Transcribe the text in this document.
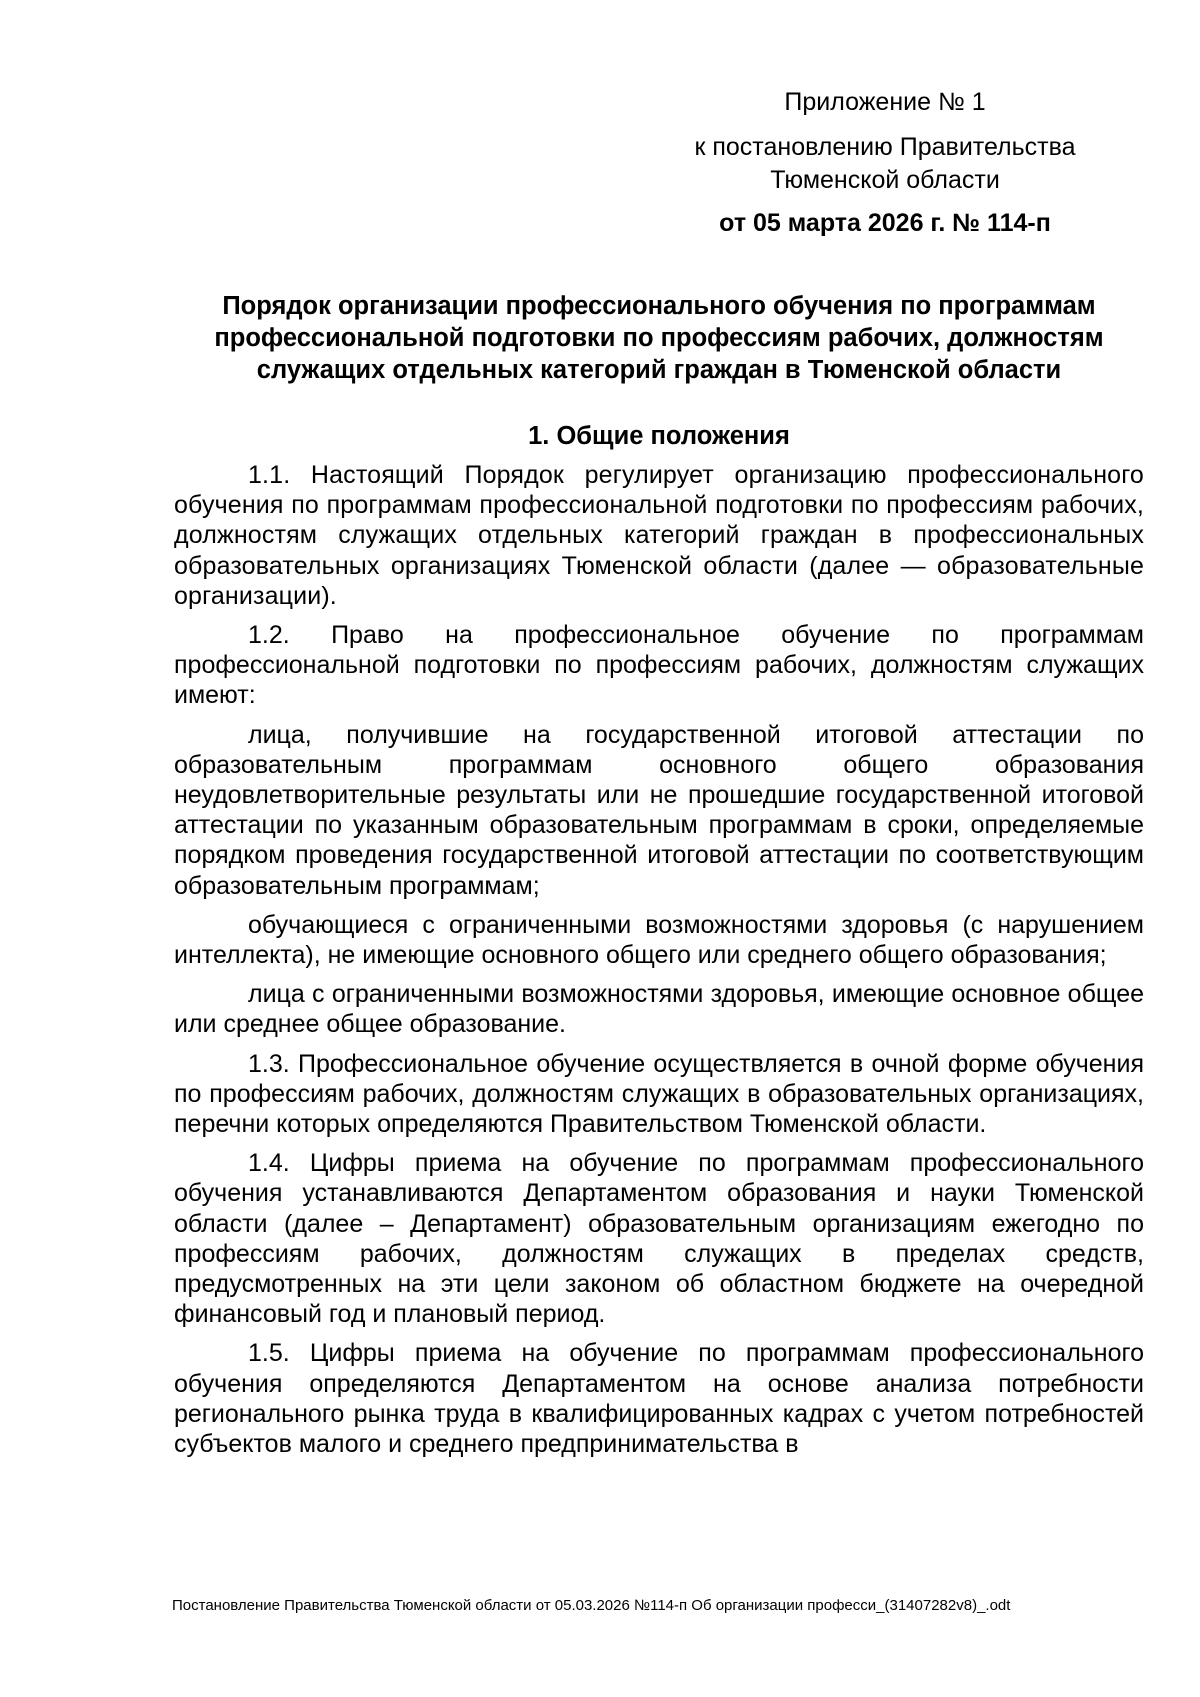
Приложение № 1
к постановлению Правительства
Тюменской области
от 05 марта 2026 г. № 114-п
Порядок организации профессионального обучения по программам профессиональной подготовки по профессиям рабочих, должностям служащих отдельных категорий граждан в Тюменской области
1. Общие положения

1.1. Настоящий Порядок регулирует организацию профессионального обучения по программам профессиональной подготовки по профессиям рабочих, должностям служащих отдельных категорий граждан в профессиональных образовательных организациях Тюменской области (далее — образовательные организации).

1.2. Право на профессиональное обучение по программам профессиональной подготовки по профессиям рабочих, должностям служащих имеют:

лица, получившие на государственной итоговой аттестации по образовательным программам основного общего образования неудовлетворительные результаты или не прошедшие государственной итоговой аттестации по указанным образовательным программам в сроки, определяемые порядком проведения государственной итоговой аттестации по соответствующим образовательным программам;

обучающиеся с ограниченными возможностями здоровья (с нарушением интеллекта), не имеющие основного общего или среднего общего образования;

лица с ограниченными возможностями здоровья, имеющие основное общее или среднее общее образование.

1.3. Профессиональное обучение осуществляется в очной форме обучения по профессиям рабочих, должностям служащих в образовательных организациях, перечни которых определяются Правительством Тюменской области.

1.4. Цифры приема на обучение по программам профессионального обучения устанавливаются Департаментом образования и науки Тюменской области (далее – Департамент) образовательным организациям ежегодно по профессиям рабочих, должностям служащих в пределах средств, предусмотренных на эти цели законом об областном бюджете на очередной финансовый год и плановый период.

1.5. Цифры приема на обучение по программам профессионального обучения определяются Департаментом на основе анализа потребности регионального рынка труда в квалифицированных кадрах с учетом потребностей субъектов малого и среднего предпринимательства в

Постановление Правительства Тюменской области от 05.03.2026 №114-п Об организации професси_(31407282v8)_.odt
